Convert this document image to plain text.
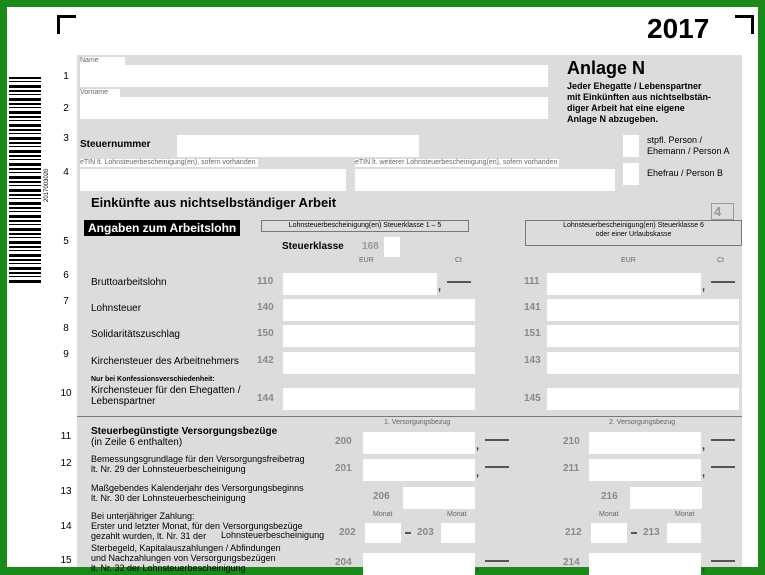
2017
2017003020
1
2
3
4
5
6
7
8
9
10
11
12
13
14
15
Name
Vorname
Anlage N
Jeder Ehegatte / Lebenspartner
mit Einkünften aus nichtselbstän-
diger Arbeit hat eine eigene
Anlage N abzugeben.
Steuernummer	stpfl. Person /
Ehemann / Person A
Ehefrau / Person B
eTIN lt. Lohnsteuerbescheinigung(en), sofern vorhanden	eTIN lt. weiterer Lohnsteuerbescheinigung(en), sofern vorhanden
Einkünfte aus nichtselbständiger Arbeit
4
Angaben zum Arbeitslohn	Lohnsteuerbescheinigung(en) Steuerklasse 1 – 5	Lohnsteuerbescheinigung(en) Steuerklasse 6
oder einer Urlaubskasse
Steuerklasse 168
EUR	Ct	EUR	Ct
Bruttoarbeitslohn	110	,	111	,
Lohnsteuer	140	141
Solidaritätszuschlag	150	151
Kirchensteuer des Arbeitnehmers 142	143
Nur bei Konfessionsverschiedenheit:
Kirchensteuer für den Ehegatten /
Lebenspartner	144	145
Steuerbegünstigte Versorgungsbezüge
(in Zeile 6 enthalten)
1. Versorgungsbezug	2. Versorgungsbezug
200	,	210	,
Bemessungsgrundlage für den Versorgungsfreibetrag
lt. Nr. 29 der Lohnsteuerbescheinigung	201	,	211	,
Maßgebendes Kalenderjahr des Versorgungsbeginns
lt. Nr. 30 der Lohnsteuerbescheinigung	206	216
Bei unterjähriger Zahlung:
Erster und letzter Monat, für den Versorgungsbezüge
gezahlt wurden, lt. Nr. 31 der Lohnsteuerbescheinigung
Monat	Monat	Monat	Monat
202	203	212	213
Sterbegeld, Kapitalauszahlungen / Abfindungen
und Nachzahlungen von Versorgungsbezügen
lt. Nr. 32 der Lohnsteuerbescheinigung	204	,	214	,
